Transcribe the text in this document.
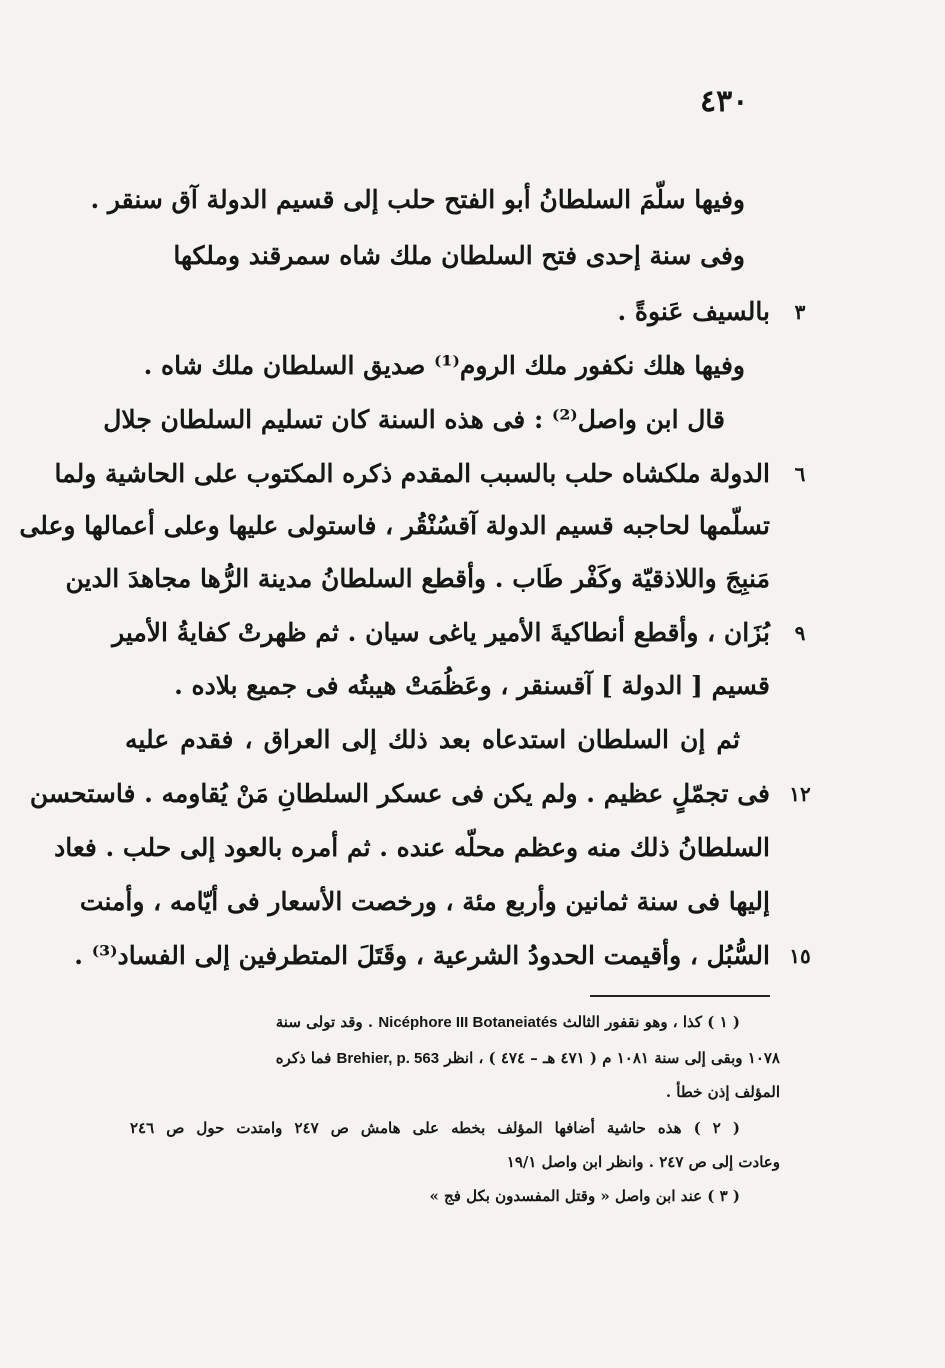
٤٣٠
وفيها سلّمَ السلطانُ أبو الفتح حلب إلى قسيم الدولة آق سنقر .
وفى سنة إحدى فتح السلطان ملك شاه سمرقند وملكها
بالسيف عَنوةً .	٣
وفيها هلك نكفور ملك الروم⁽¹⁾ صديق السلطان ملك شاه .
قال ابن واصل⁽²⁾ : فى هذه السنة كان تسليم السلطان جلال
الدولة ملكشاه حلب بالسبب المقدم ذكره المكتوب على الحاشية ولما	٦
تسلّمها لحاجبه قسيم الدولة آقسُنْقُر ، فاستولى عليها وعلى أعمالها وعلى
مَنبِجَ واللاذقيّة وكَفْر طَاب . وأقطع السلطانُ مدينة الرُّها مجاهدَ الدين
بُزَان ، وأقطع أنطاكيةَ الأمير ياغى سيان . ثم ظهرتْ كفايةُ الأمير	٩
قسيم [ الدولة ] آقسنقر ، وعَظُمَتْ هيبتُه فى جميع بلاده .
ثم إن السلطان استدعاه بعد ذلك إلى العراق ، فقدم عليه
فى تجمّلٍ عظيم . ولم يكن فى عسكر السلطانِ مَنْ يُقاومه . فاستحسن ١٢
السلطانُ ذلك منه وعظم محلّه عنده . ثم أمره بالعود إلى حلب . فعاد
إليها فى سنة ثمانين وأربع مئة ، ورخصت الأسعار فى أيّامه ، وأمنت
السُّبُل ، وأقيمت الحدودُ الشرعية ، وقَتَلَ المتطرفين إلى الفساد⁽³⁾ . ١٥
( ١ ) كذا ، وهو نقفور الثالث Nicéphore III Botaneiatés . وقد تولى سنة
١٠٧٨ وبقى إلى سنة ١٠٨١ م ( ٤٧١ هـ – ٤٧٤ ) ، انظر Brehier, p. 563 فما ذكره
المؤلف إذن خطأ .
( ٢ ) هذه حاشية أضافها المؤلف بخطه على هامش ص ٢٤٧ وامتدت حول ص ٢٤٦
وعادت إلى ص ٢٤٧ . وانظر ابن واصل ١٩/١
( ٣ ) عند ابن واصل « وقتل المفسدون بكل فج »
